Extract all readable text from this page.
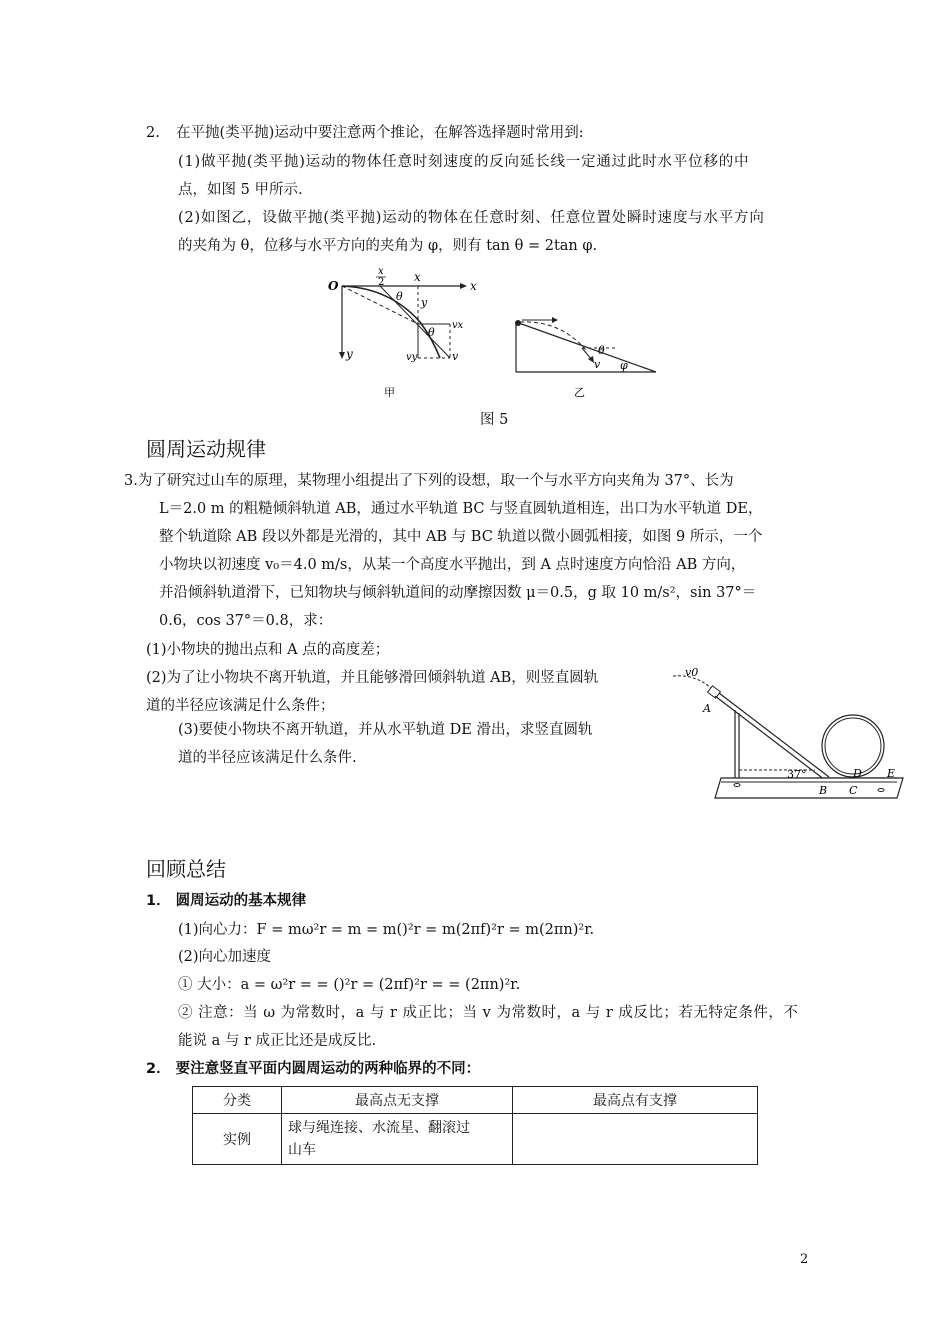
2. 在平抛(类平抛)运动中要注意两个推论，在解答选择题时常用到:
(1)做平抛(类平抛)运动的物体任意时刻速度的反向延长线一定通过此时水平位移的中
点，如图 5 甲所示.
(2)如图乙，设做平抛(类平抛)运动的物体在任意时刻、任意位置处瞬时速度与水平方向
的夹角为 θ，位移与水平方向的夹角为 φ，则有 tan θ = 2tan φ.
O	x
y
x
2 x
θ y
θ
vx
vy	v
甲
θ
v φ
乙
图 5
圆周运动规律
3.为了研究过山车的原理，某物理小组提出了下列的设想，取一个与水平方向夹角为 37°、长为
L＝2.0 m 的粗糙倾斜轨道 AB，通过水平轨道 BC 与竖直圆轨道相连，出口为水平轨道 DE，
整个轨道除 AB 段以外都是光滑的，其中 AB 与 BC 轨道以微小圆弧相接，如图 9 所示，一个
小物块以初速度 v₀＝4.0 m/s，从某一个高度水平抛出，到 A 点时速度方向恰沿 AB 方向，
并沿倾斜轨道滑下，已知物块与倾斜轨道间的动摩擦因数 μ＝0.5，g 取 10 m/s²，sin 37°＝
0.6，cos 37°＝0.8，求：
(1)小物块的抛出点和 A 点的高度差；
(2)为了让小物块不离开轨道，并且能够滑回倾斜轨道 AB，则竖直圆轨
道的半径应该满足什么条件；
(3)要使小物块不离开轨道，并从水平轨道 DE 滑出，求竖直圆轨
道的半径应该满足什么条件.
v0
A
37°
B C
D E
回顾总结
1． 圆周运动的基本规律
(1)向心力：F = mω²r = m = m()²r = m(2πf)²r = m(2πn)²r.
(2)向心加速度
① 大小：a = ω²r = = ()²r = (2πf)²r = = (2πn)²r.
② 注意：当 ω 为常数时，a 与 r 成正比；当 v 为常数时，a 与 r 成反比；若无特定条件，不
能说 a 与 r 成正比还是成反比.
2． 要注意竖直平面内圆周运动的两种临界的不同：
分类	最高点无支撑	最高点有支撑
实例	球与绳连接、水流星、翻滚过
山车	

2
